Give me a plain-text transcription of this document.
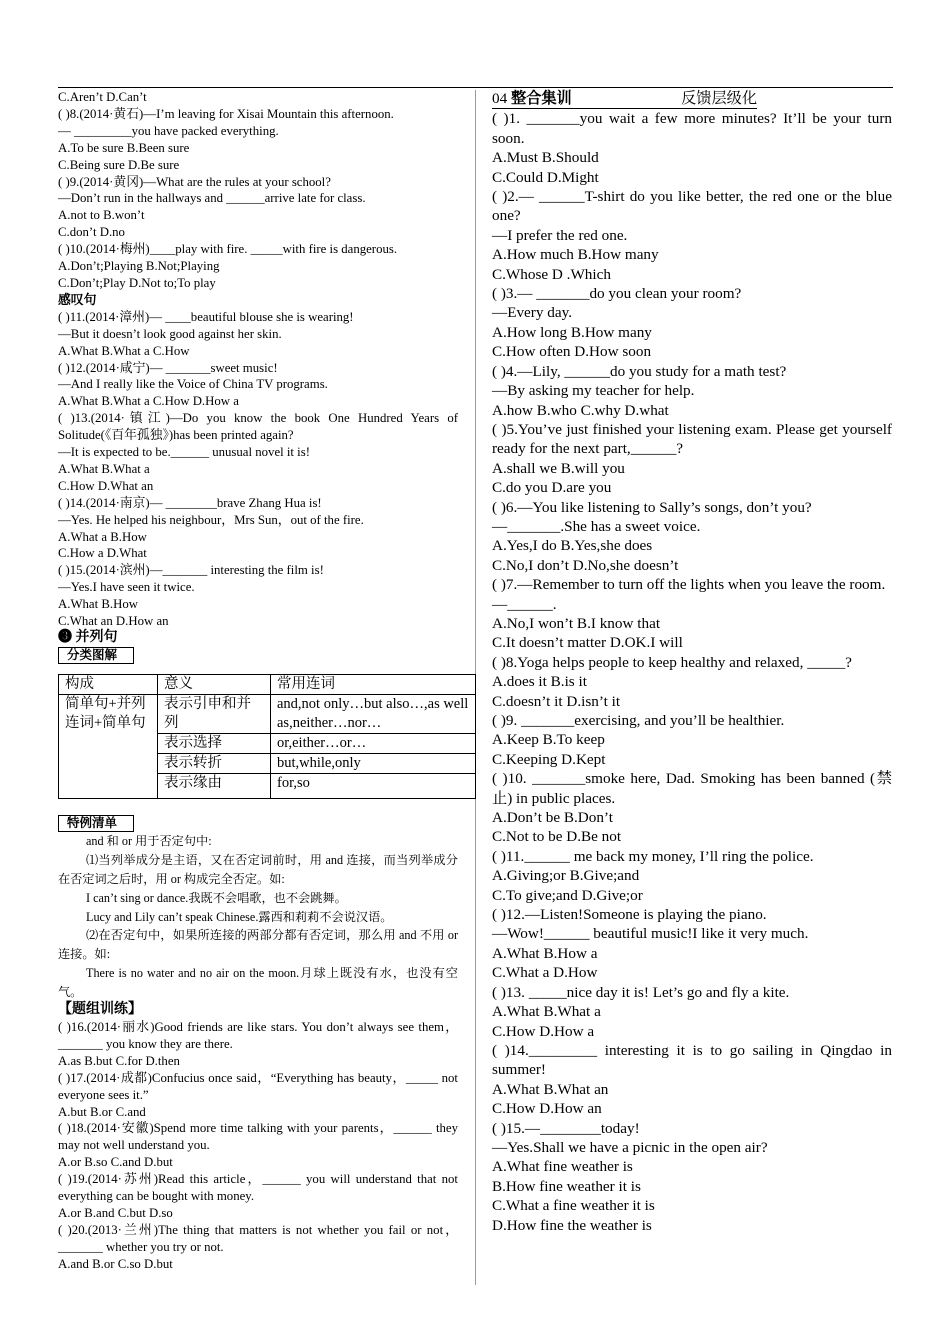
C.Aren’t D.Can’t

( )8.(2014·黄石)—I’m leaving for Xisai Mountain this afternoon.

— _________you have packed everything.

A.To be sure B.Been sure

C.Being sure D.Be sure

( )9.(2014·黄冈)—What are the rules at your school?

—Don’t run in the hallways and ______arrive late for class.

A.not to B.won’t

C.don’t D.no

( )10.(2014·梅州)____play with fire. _____with fire is dangerous.

A.Don’t;Playing B.Not;Playing

C.Don’t;Play D.Not to;To play

感叹句

( )11.(2014·漳州)— ____beautiful blouse she is wearing!

—But it doesn’t look good against her skin.

A.What B.What a C.How

( )12.(2014·咸宁)— _______sweet music!

—And I really like the Voice of China TV programs.

A.What B.What a C.How D.How a

( )13.(2014·镇江)—Do you know the book One Hundred Years of Solitude(《百年孤独》)has been printed again?

—It is expected to be.______ unusual novel it is!

A.What B.What a

C.How D.What an

( )14.(2014·南京)— ________brave Zhang Hua is!

—Yes. He helped his neighbour，Mrs Sun，out of the fire.

A.What a B.How

C.How a D.What

( )15.(2014·滨州)—_______ interesting the film is!

—Yes.I have seen it twice.

A.What B.How

C.What an D.How an

❸ 并列句

分类图解
构成	意义	常用连词
简单句+并列连词+简单句	表示引申和并列	and,not only…but also…,as well as,neither…nor…
	表示选择	or,either…or…
	表示转折	but,while,only
	表示缘由	for,so
特例清单

and 和 or 用于否定句中:

⑴当列举成分是主语，又在否定词前时，用 and 连接，而当列举成分在否定词之后时，用 or 构成完全否定。如:

I can’t sing or dance.我既不会唱歌，也不会跳舞。

Lucy and Lily can’t speak Chinese.露西和莉莉不会说汉语。

⑵在否定句中，如果所连接的两部分都有否定词，那么用 and 不用 or 连接。如:

There is no water and no air on the moon.月球上既没有水，也没有空气。

【题组训练】

( )16.(2014·丽水)Good friends are like stars. You don’t always see them，_______ you know they are there.

A.as B.but C.for D.then

( )17.(2014·成都)Confucius once said，“Everything has beauty，_____ not everyone sees it.”

A.but B.or C.and

( )18.(2014·安徽)Spend more time talking with your parents，______ they may not well understand you.

A.or B.so C.and D.but

( )19.(2014·苏州)Read this article，______ you will understand that not everything can be bought with money.

A.or B.and C.but D.so

( )20.(2013·兰州)The thing that matters is not whether you fail or not，_______ whether you try or not.

A.and B.or C.so D.but

04 整合集训	反馈层级化

( )1. _______you wait a few more minutes? It’ll be your turn soon.

A.Must B.Should

C.Could D.Might

( )2.— ______T-shirt do you like better, the red one or the blue one?

—I prefer the red one.

A.How much B.How many

C.Whose D .Which

( )3.— _______do you clean your room?

—Every day.

A.How long B.How many

C.How often D.How soon

( )4.—Lily, ______do you study for a math test?

—By asking my teacher for help.

A.how B.who C.why D.what

( )5.You’ve just finished your listening exam. Please get yourself ready for the next part,______?

A.shall we B.will you

C.do you D.are you

( )6.—You like listening to Sally’s songs, don’t you?

—_______.She has a sweet voice.

A.Yes,I do B.Yes,she does

C.No,I don’t D.No,she doesn’t

( )7.—Remember to turn off the lights when you leave the room.

—______.

A.No,I won’t B.I know that

C.It doesn’t matter D.OK.I will

( )8.Yoga helps people to keep healthy and relaxed, _____?

A.does it B.is it

C.doesn’t it D.isn’t it

( )9. _______exercising, and you’ll be healthier.

A.Keep B.To keep

C.Keeping D.Kept

( )10. _______smoke here, Dad. Smoking has been banned (禁止) in public places.

A.Don’t be B.Don’t

C.Not to be D.Be not

( )11.______ me back my money, I’ll ring the police.

A.Giving;or B.Give;and

C.To give;and D.Give;or

( )12.—Listen!Someone is playing the piano.

—Wow!______ beautiful music!I like it very much.

A.What B.How a

C.What a D.How

( )13. _____nice day it is! Let’s go and fly a kite.

A.What B.What a

C.How D.How a

( )14._________ interesting it is to go sailing in Qingdao in summer!

A.What B.What an

C.How D.How an

( )15.—________today!

—Yes.Shall we have a picnic in the open air?

A.What fine weather is

B.How fine weather it is

C.What a fine weather it is

D.How fine the weather is
